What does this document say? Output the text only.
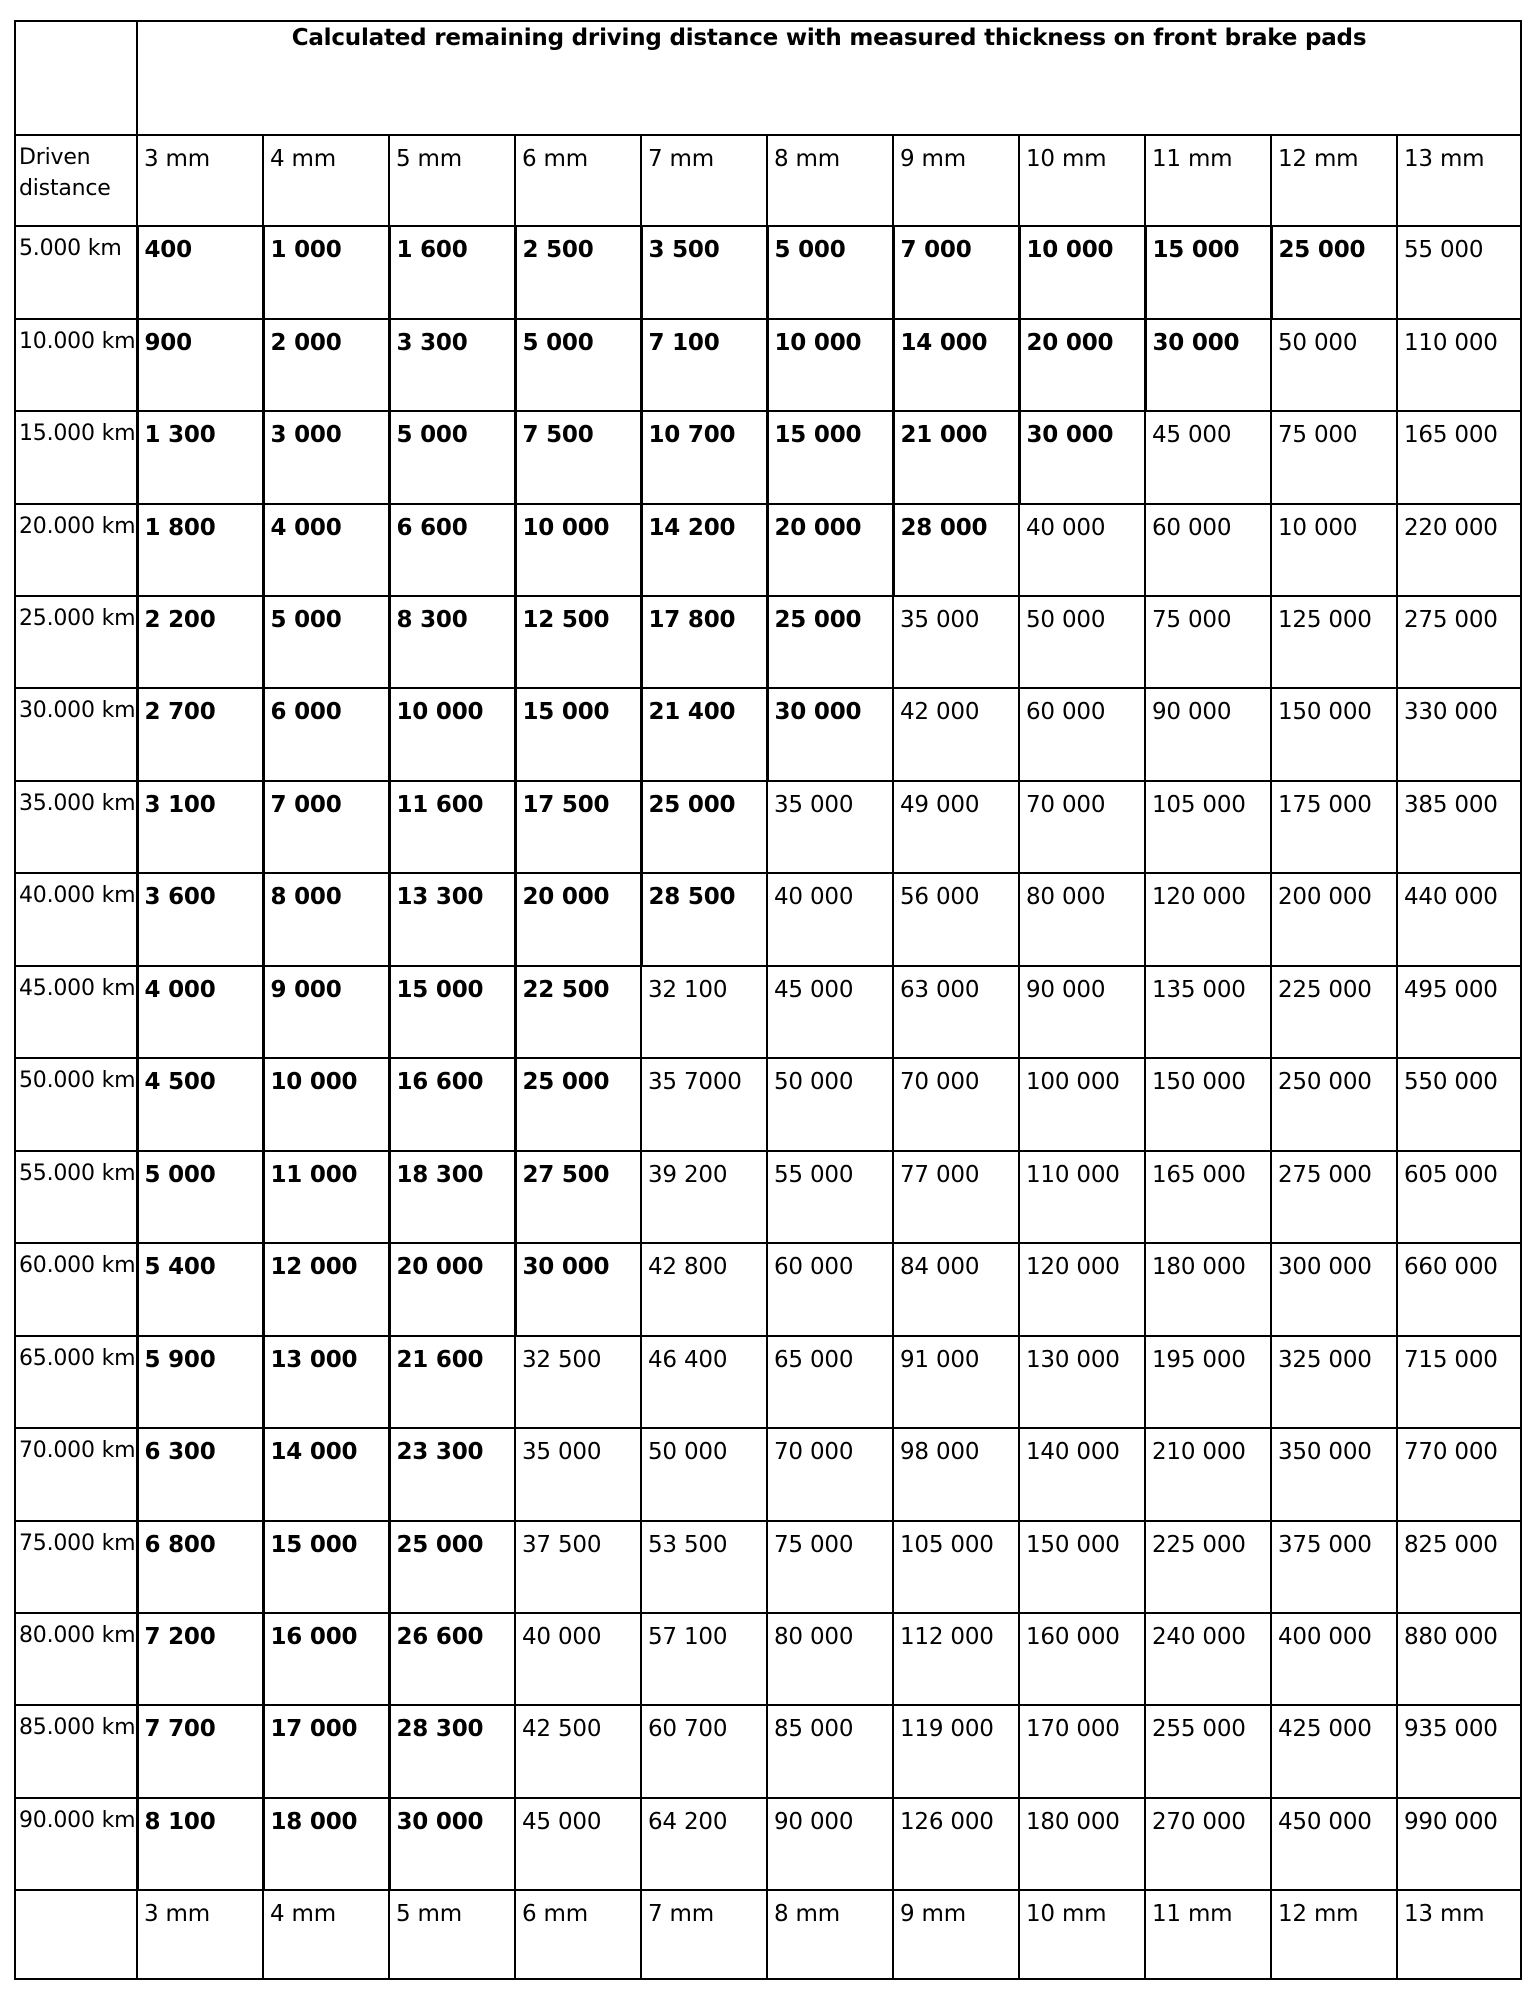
	Calculated remaining driving distance with measured thickness on front brake pads										
Driven distance	3 mm	4 mm	5 mm	6 mm	7 mm	8 mm	9 mm	10 mm	11 mm	12 mm	13 mm
5.000 km	400	1 000	1 600	2 500	3 500	5 000	7 000	10 000	15 000	25 000	55 000
10.000 km	900	2 000	3 300	5 000	7 100	10 000	14 000	20 000	30 000	50 000	110 000
15.000 km	1 300	3 000	5 000	7 500	10 700	15 000	21 000	30 000	45 000	75 000	165 000
20.000 km	1 800	4 000	6 600	10 000	14 200	20 000	28 000	40 000	60 000	10 000	220 000
25.000 km	2 200	5 000	8 300	12 500	17 800	25 000	35 000	50 000	75 000	125 000	275 000
30.000 km	2 700	6 000	10 000	15 000	21 400	30 000	42 000	60 000	90 000	150 000	330 000
35.000 km	3 100	7 000	11 600	17 500	25 000	35 000	49 000	70 000	105 000	175 000	385 000
40.000 km	3 600	8 000	13 300	20 000	28 500	40 000	56 000	80 000	120 000	200 000	440 000
45.000 km	4 000	9 000	15 000	22 500	32 100	45 000	63 000	90 000	135 000	225 000	495 000
50.000 km	4 500	10 000	16 600	25 000	35 7000	50 000	70 000	100 000	150 000	250 000	550 000
55.000 km	5 000	11 000	18 300	27 500	39 200	55 000	77 000	110 000	165 000	275 000	605 000
60.000 km	5 400	12 000	20 000	30 000	42 800	60 000	84 000	120 000	180 000	300 000	660 000
65.000 km	5 900	13 000	21 600	32 500	46 400	65 000	91 000	130 000	195 000	325 000	715 000
70.000 km	6 300	14 000	23 300	35 000	50 000	70 000	98 000	140 000	210 000	350 000	770 000
75.000 km	6 800	15 000	25 000	37 500	53 500	75 000	105 000	150 000	225 000	375 000	825 000
80.000 km	7 200	16 000	26 600	40 000	57 100	80 000	112 000	160 000	240 000	400 000	880 000
85.000 km	7 700	17 000	28 300	42 500	60 700	85 000	119 000	170 000	255 000	425 000	935 000
90.000 km	8 100	18 000	30 000	45 000	64 200	90 000	126 000	180 000	270 000	450 000	990 000
	3 mm	4 mm	5 mm	6 mm	7 mm	8 mm	9 mm	10 mm	11 mm	12 mm	13 mm
